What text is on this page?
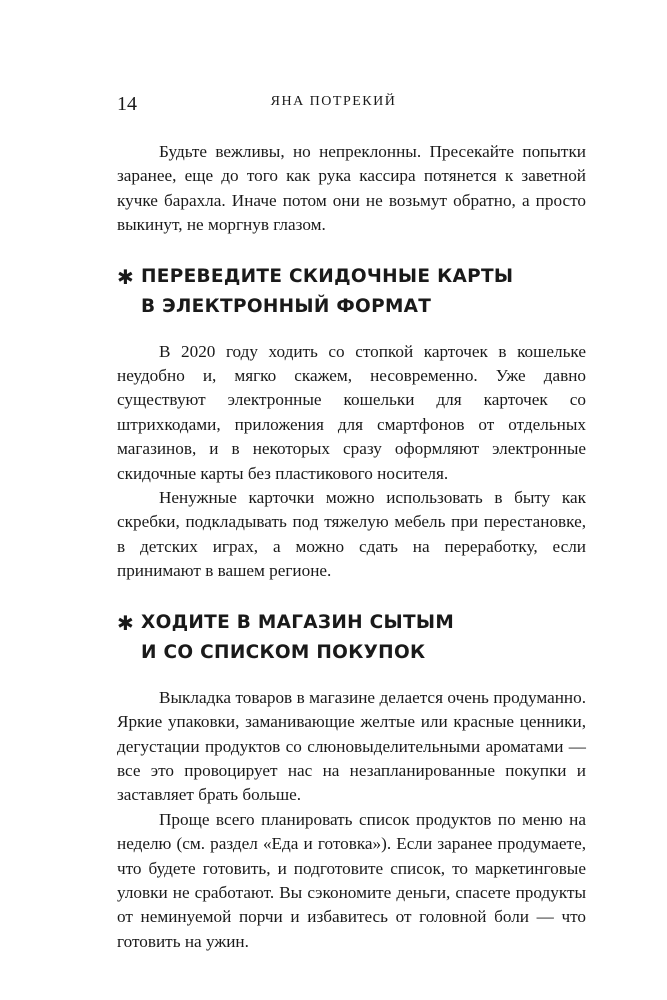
14	ЯНА ПОТРЕКИЙ

Будьте вежливы, но непреклонны. Пресекайте попытки заранее, еще до того как рука кассира потянется к заветной кучке барахла. Иначе потом они не возьмут обратно, а просто выкинут, не моргнув глазом.

✱ ПЕРЕВЕДИТЕ СКИДОЧНЫЕ КАРТЫ
В ЭЛЕКТРОННЫЙ ФОРМАТ

В 2020 году ходить со стопкой карточек в кошельке неудобно и, мягко скажем, несовременно. Уже давно существуют электронные кошельки для карточек со штрихкодами, приложения для смартфонов от отдельных магазинов, и в некоторых сразу оформляют электронные скидочные карты без пластикового носителя.

Ненужные карточки можно использовать в быту как скребки, подкладывать под тяжелую мебель при перестановке, в детских играх, а можно сдать на переработку, если принимают в вашем регионе.

✱ ХОДИТЕ В МАГАЗИН СЫТЫМ
И СО СПИСКОМ ПОКУПОК

Выкладка товаров в магазине делается очень продуманно. Яркие упаковки, заманивающие желтые или красные ценники, дегустации продуктов со слюновыделительными ароматами — все это провоцирует нас на незапланированные покупки и заставляет брать больше.

Проще всего планировать список продуктов по меню на неделю (см. раздел «Еда и готовка»). Если заранее продумаете, что будете готовить, и подготовите список, то маркетинговые уловки не сработают. Вы сэкономите деньги, спасете продукты от неминуемой порчи и избавитесь от головной боли — что готовить на ужин.
